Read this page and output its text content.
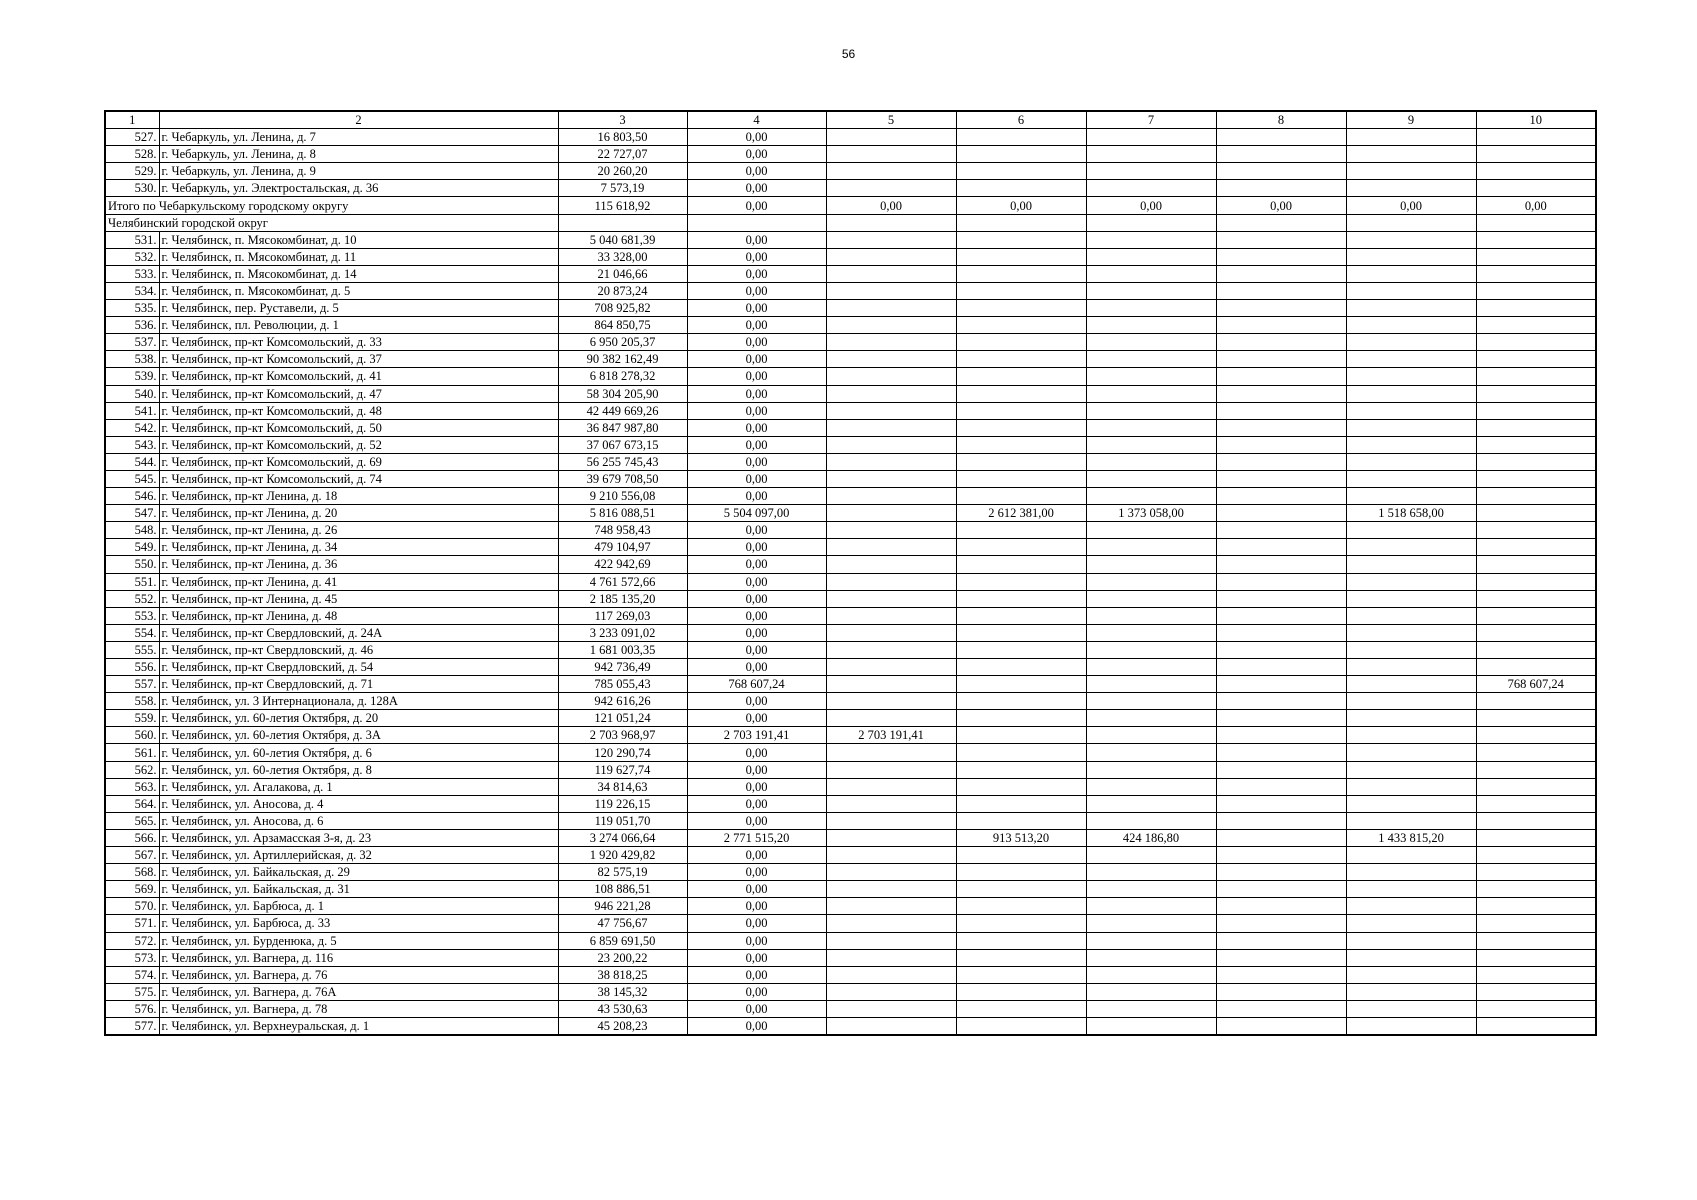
56
1	2	3	4	5	6	7	8	9	10
527.	г. Чебаркуль, ул. Ленина, д. 7	16 803,50	0,00						
528.	г. Чебаркуль, ул. Ленина, д. 8	22 727,07	0,00						
529.	г. Чебаркуль, ул. Ленина, д. 9	20 260,20	0,00						
530.	г. Чебаркуль, ул. Электростальская, д. 36	7 573,19	0,00						
Итого по Чебаркульскому городскому округу		115 618,92	0,00	0,00	0,00	0,00	0,00	0,00	0,00
Челябинский городской округ									
531.	г. Челябинск, п. Мясокомбинат, д. 10	5 040 681,39	0,00						
532.	г. Челябинск, п. Мясокомбинат, д. 11	33 328,00	0,00						
533.	г. Челябинск, п. Мясокомбинат, д. 14	21 046,66	0,00						
534.	г. Челябинск, п. Мясокомбинат, д. 5	20 873,24	0,00						
535.	г. Челябинск, пер. Руставели, д. 5	708 925,82	0,00						
536.	г. Челябинск, пл. Революции, д. 1	864 850,75	0,00						
537.	г. Челябинск, пр-кт Комсомольский, д. 33	6 950 205,37	0,00						
538.	г. Челябинск, пр-кт Комсомольский, д. 37	90 382 162,49	0,00						
539.	г. Челябинск, пр-кт Комсомольский, д. 41	6 818 278,32	0,00						
540.	г. Челябинск, пр-кт Комсомольский, д. 47	58 304 205,90	0,00						
541.	г. Челябинск, пр-кт Комсомольский, д. 48	42 449 669,26	0,00						
542.	г. Челябинск, пр-кт Комсомольский, д. 50	36 847 987,80	0,00						
543.	г. Челябинск, пр-кт Комсомольский, д. 52	37 067 673,15	0,00						
544.	г. Челябинск, пр-кт Комсомольский, д. 69	56 255 745,43	0,00						
545.	г. Челябинск, пр-кт Комсомольский, д. 74	39 679 708,50	0,00						
546.	г. Челябинск, пр-кт Ленина, д. 18	9 210 556,08	0,00						
547.	г. Челябинск, пр-кт Ленина, д. 20	5 816 088,51	5 504 097,00		2 612 381,00	1 373 058,00		1 518 658,00	
548.	г. Челябинск, пр-кт Ленина, д. 26	748 958,43	0,00						
549.	г. Челябинск, пр-кт Ленина, д. 34	479 104,97	0,00						
550.	г. Челябинск, пр-кт Ленина, д. 36	422 942,69	0,00						
551.	г. Челябинск, пр-кт Ленина, д. 41	4 761 572,66	0,00						
552.	г. Челябинск, пр-кт Ленина, д. 45	2 185 135,20	0,00						
553.	г. Челябинск, пр-кт Ленина, д. 48	117 269,03	0,00						
554.	г. Челябинск, пр-кт Свердловский, д. 24А	3 233 091,02	0,00						
555.	г. Челябинск, пр-кт Свердловский, д. 46	1 681 003,35	0,00						
556.	г. Челябинск, пр-кт Свердловский, д. 54	942 736,49	0,00						
557.	г. Челябинск, пр-кт Свердловский, д. 71	785 055,43	768 607,24						768 607,24
558.	г. Челябинск, ул. 3 Интернационала, д. 128А	942 616,26	0,00						
559.	г. Челябинск, ул. 60-летия Октября, д. 20	121 051,24	0,00						
560.	г. Челябинск, ул. 60-летия Октября, д. 3А	2 703 968,97	2 703 191,41	2 703 191,41					
561.	г. Челябинск, ул. 60-летия Октября, д. 6	120 290,74	0,00						
562.	г. Челябинск, ул. 60-летия Октября, д. 8	119 627,74	0,00						
563.	г. Челябинск, ул. Агалакова, д. 1	34 814,63	0,00						
564.	г. Челябинск, ул. Аносова, д. 4	119 226,15	0,00						
565.	г. Челябинск, ул. Аносова, д. 6	119 051,70	0,00						
566.	г. Челябинск, ул. Арзамасская 3-я, д. 23	3 274 066,64	2 771 515,20		913 513,20	424 186,80		1 433 815,20	
567.	г. Челябинск, ул. Артиллерийская, д. 32	1 920 429,82	0,00						
568.	г. Челябинск, ул. Байкальская, д. 29	82 575,19	0,00						
569.	г. Челябинск, ул. Байкальская, д. 31	108 886,51	0,00						
570.	г. Челябинск, ул. Барбюса, д. 1	946 221,28	0,00						
571.	г. Челябинск, ул. Барбюса, д. 33	47 756,67	0,00						
572.	г. Челябинск, ул. Бурденюка, д. 5	6 859 691,50	0,00						
573.	г. Челябинск, ул. Вагнера, д. 116	23 200,22	0,00						
574.	г. Челябинск, ул. Вагнера, д. 76	38 818,25	0,00						
575.	г. Челябинск, ул. Вагнера, д. 76А	38 145,32	0,00						
576.	г. Челябинск, ул. Вагнера, д. 78	43 530,63	0,00						
577.	г. Челябинск, ул. Верхнеуральская, д. 1	45 208,23	0,00						
